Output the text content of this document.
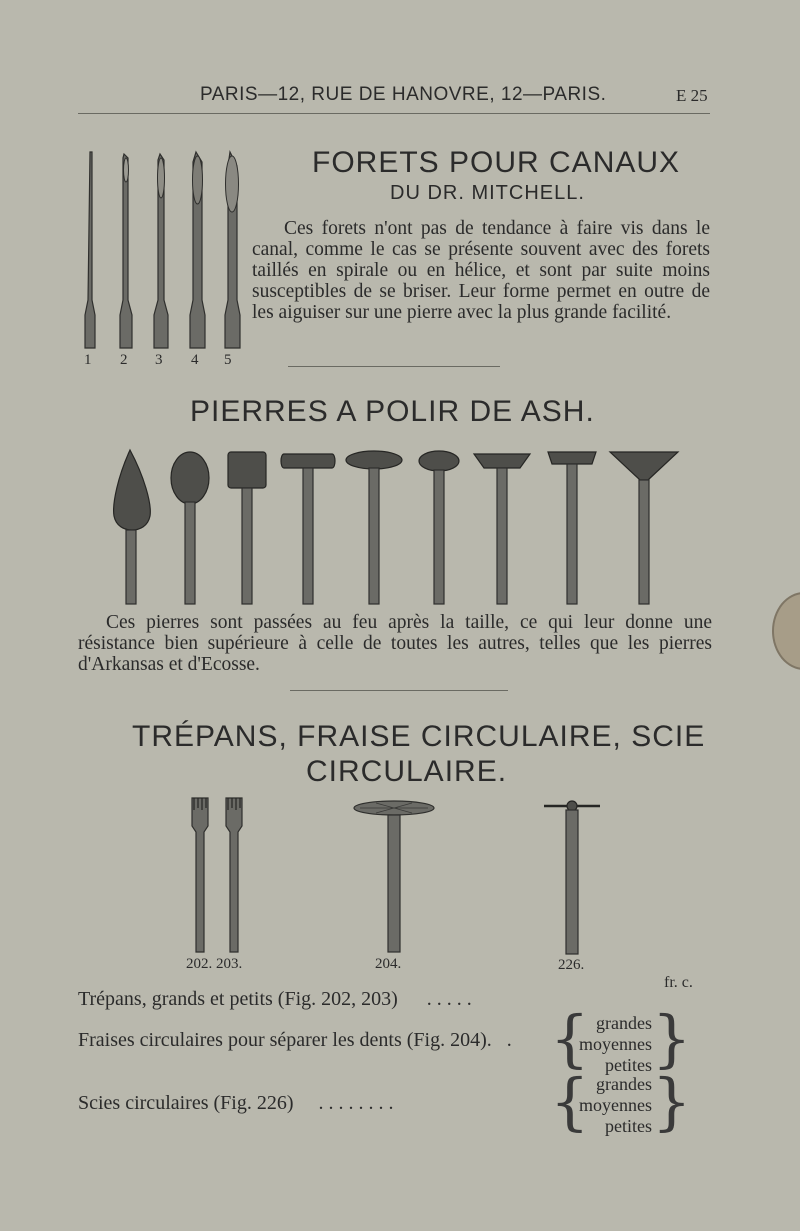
PARIS—12, RUE DE HANOVRE, 12—PARIS.	E 25
1 2 3 4 5
FORETS POUR CANAUX
DU DR. MITCHELL.
Ces forets n'ont pas de tendance à faire vis dans le canal, comme le cas se présente souvent avec des forets taillés en spirale ou en hélice, et sont par suite moins susceptibles de se briser. Leur forme permet en outre de les aiguiser sur une pierre avec la plus grande facilité.
PIERRES A POLIR DE ASH.
Ces pierres sont passées au feu après la taille, ce qui leur donne une résistance bien supérieure à celle de toutes les autres, telles que les pierres d'Arkansas et d'Ecosse.
TRÉPANS, FRAISE CIRCULAIRE, SCIE
CIRCULAIRE.
202. 203.	204.	226.
fr. c.
Trépans, grands et petits (Fig. 202, 203) . . . . .
Fraises circulaires pour séparer les dents (Fig. 204). . { grandes
moyennes
petites }
Scies circulaires (Fig. 226) . . . . . . . .	{ grandes
moyennes
petites }
